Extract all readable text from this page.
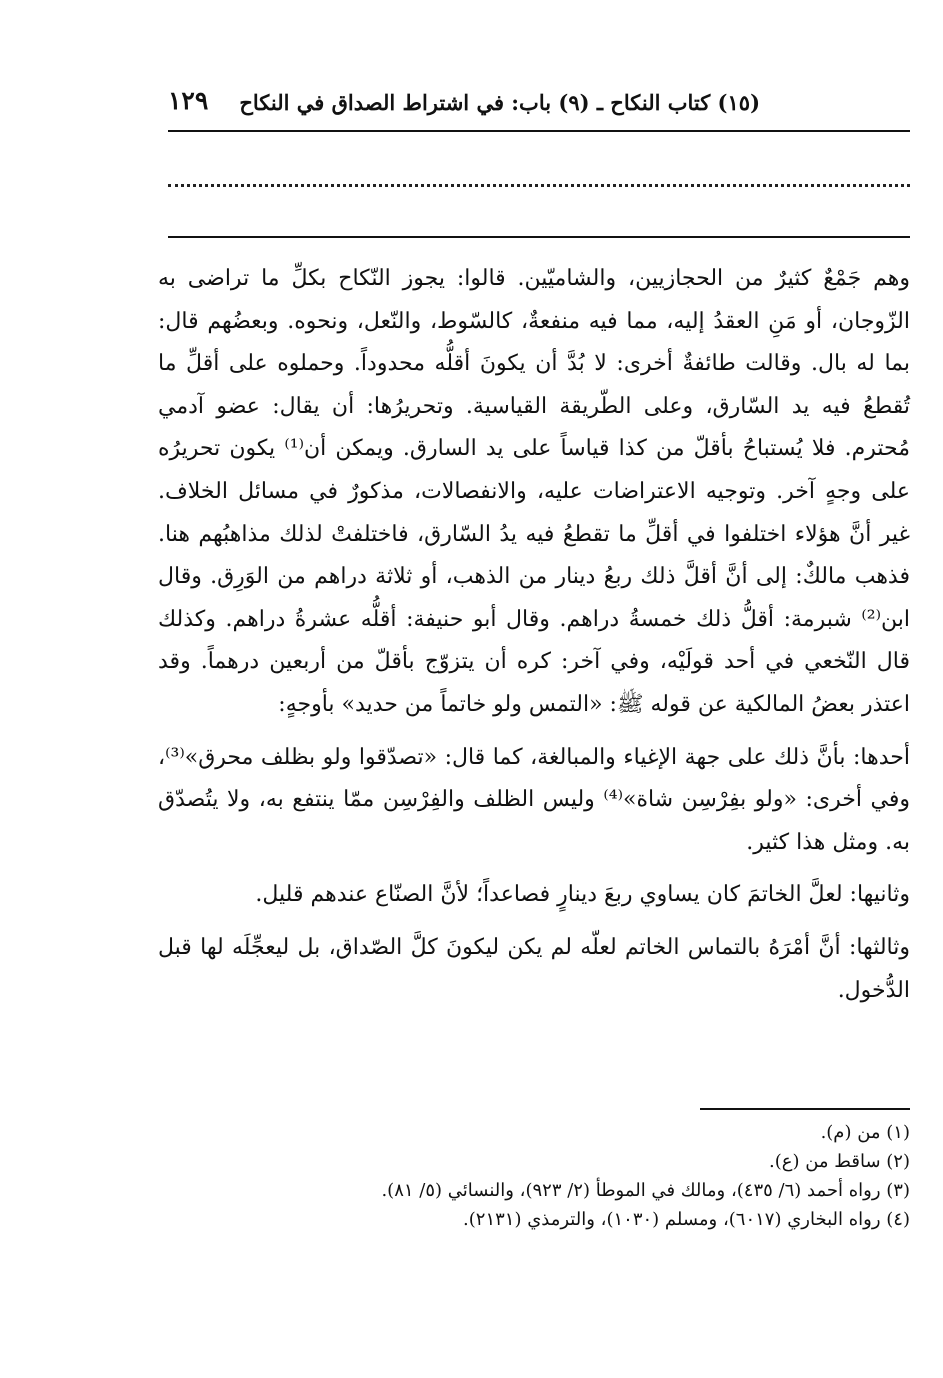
(١٥) كتاب النكاح ـ (٩) باب: في اشتراط الصداق في النكاح
١٢٩

وهم جَمْعٌ كثيرٌ من الحجازيين، والشاميّين. قالوا: يجوز النّكاح بكلِّ ما تراضى به الزّوجان، أو مَنِ العقدُ إليه، مما فيه منفعةٌ، كالسّوط، والنّعل، ونحوه. وبعضُهم قال: بما له بال. وقالت طائفةٌ أخرى: لا بُدَّ أن يكونَ أقلُّه محدوداً. وحملوه على أقلِّ ما تُقطعُ فيه يد السّارق، وعلى الطّريقة القياسية. وتحريرُها: أن يقال: عضو آدمي مُحترم. فلا يُستباحُ بأقلّ من كذا قياساً على يد السارق. ويمكن أن⁽¹⁾ يكون تحريرُه على وجهٍ آخر. وتوجيه الاعتراضات عليه، والانفصالات، مذكورٌ في مسائل الخلاف. غير أنَّ هؤلاء اختلفوا في أقلِّ ما تقطعُ فيه يدُ السّارق، فاختلفتْ لذلك مذاهبُهم هنا. فذهب مالكٌ: إلى أنَّ أقلَّ ذلك ربعُ دينار من الذهب، أو ثلاثة دراهم من الوَرِق. وقال ابن⁽²⁾ شبرمة: أقلُّ ذلك خمسةُ دراهم. وقال أبو حنيفة: أقلُّه عشرةُ دراهم. وكذلك قال النّخعي في أحد قولَيْه، وفي آخر: كره أن يتزوّج بأقلّ من أربعين درهماً. وقد اعتذر بعضُ المالكية عن قوله ﷺ: «التمس ولو خاتماً من حديد» بأوجهٍ:

أحدها: بأنَّ ذلك على جهة الإغياء والمبالغة، كما قال: «تصدّقوا ولو بظلف محرق»⁽³⁾، وفي أخرى: «ولو بفِرْسِن شاة»⁽⁴⁾ وليس الظلف والفِرْسِن ممّا ينتفع به، ولا يتُصدّق به. ومثل هذا كثير.

وثانيها: لعلَّ الخاتمَ كان يساوي ربعَ دينارٍ فصاعداً؛ لأنَّ الصنّاع عندهم قليل.

وثالثها: أنَّ أمْرَهُ بالتماس الخاتم لعلّه لم يكن ليكونَ كلَّ الصّداق، بل ليعجِّلَه لها قبل الدُّخول.

(١) من (م).
(٢) ساقط من (ع).
(٣) رواه أحمد (٦/ ٤٣٥)، ومالك في الموطأ (٢/ ٩٢٣)، والنسائي (٥/ ٨١).
(٤) رواه البخاري (٦٠١٧)، ومسلم (١٠٣٠)، والترمذي (٢١٣١).
